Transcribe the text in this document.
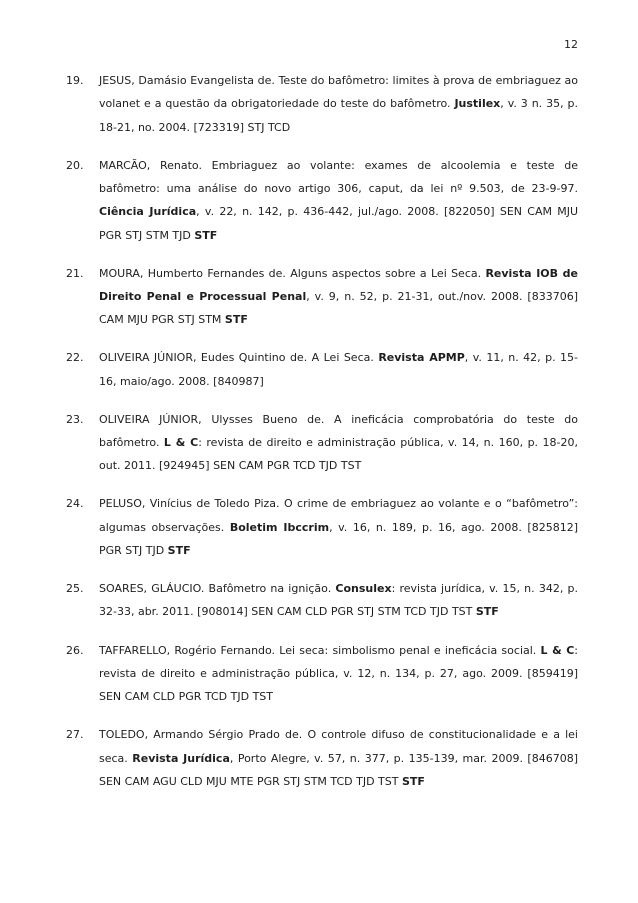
12
19. JESUS, Damásio Evangelista de. Teste do bafômetro: limites à prova de embriaguez ao volanet e a questão da obrigatoriedade do teste do bafômetro. Justilex, v. 3 n. 35, p. 18-21, no. 2004. [723319] STJ TCD
20. MARCÃO, Renato. Embriaguez ao volante: exames de alcoolemia e teste de bafômetro: uma análise do novo artigo 306, caput, da lei nº 9.503, de 23-9-97. Ciência Jurídica, v. 22, n. 142, p. 436-442, jul./ago. 2008. [822050] SEN CAM MJU PGR STJ STM TJD STF
21. MOURA, Humberto Fernandes de. Alguns aspectos sobre a Lei Seca. Revista IOB de Direito Penal e Processual Penal, v. 9, n. 52, p. 21-31, out./nov. 2008. [833706] CAM MJU PGR STJ STM STF
22. OLIVEIRA JÚNIOR, Eudes Quintino de. A Lei Seca. Revista APMP, v. 11, n. 42, p. 15-16, maio/ago. 2008. [840987]
23. OLIVEIRA JÚNIOR, Ulysses Bueno de. A ineficácia comprobatória do teste do bafômetro. L & C: revista de direito e administração pública, v. 14, n. 160, p. 18-20, out. 2011. [924945] SEN CAM PGR TCD TJD TST
24. PELUSO, Vinícius de Toledo Piza. O crime de embriaguez ao volante e o “bafômetro”: algumas observações. Boletim Ibccrim, v. 16, n. 189, p. 16, ago. 2008. [825812] PGR STJ TJD STF
25. SOARES, GLÁUCIO. Bafômetro na ignição. Consulex: revista jurídica, v. 15, n. 342, p. 32-33, abr. 2011. [908014] SEN CAM CLD PGR STJ STM TCD TJD TST STF
26. TAFFARELLO, Rogério Fernando. Lei seca: simbolismo penal e ineficácia social. L & C: revista de direito e administração pública, v. 12, n. 134, p. 27, ago. 2009. [859419] SEN CAM CLD PGR TCD TJD TST
27. TOLEDO, Armando Sérgio Prado de. O controle difuso de constitucionalidade e a lei seca. Revista Jurídica, Porto Alegre, v. 57, n. 377, p. 135-139, mar. 2009. [846708] SEN CAM AGU CLD MJU MTE PGR STJ STM TCD TJD TST STF
